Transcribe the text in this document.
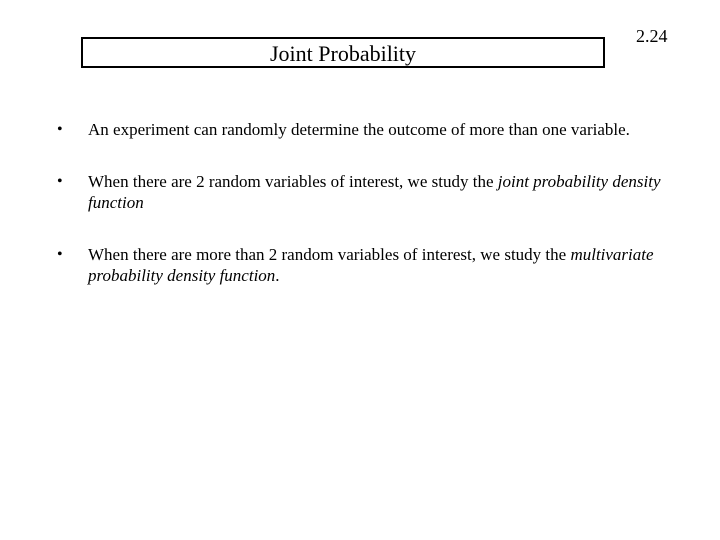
Joint Probability
2.24
• An experiment can randomly determine the outcome of more than one variable.
• When there are 2 random variables of interest, we study the joint probability density function
• When there are more than 2 random variables of interest, we study the multivariate probability density function.
